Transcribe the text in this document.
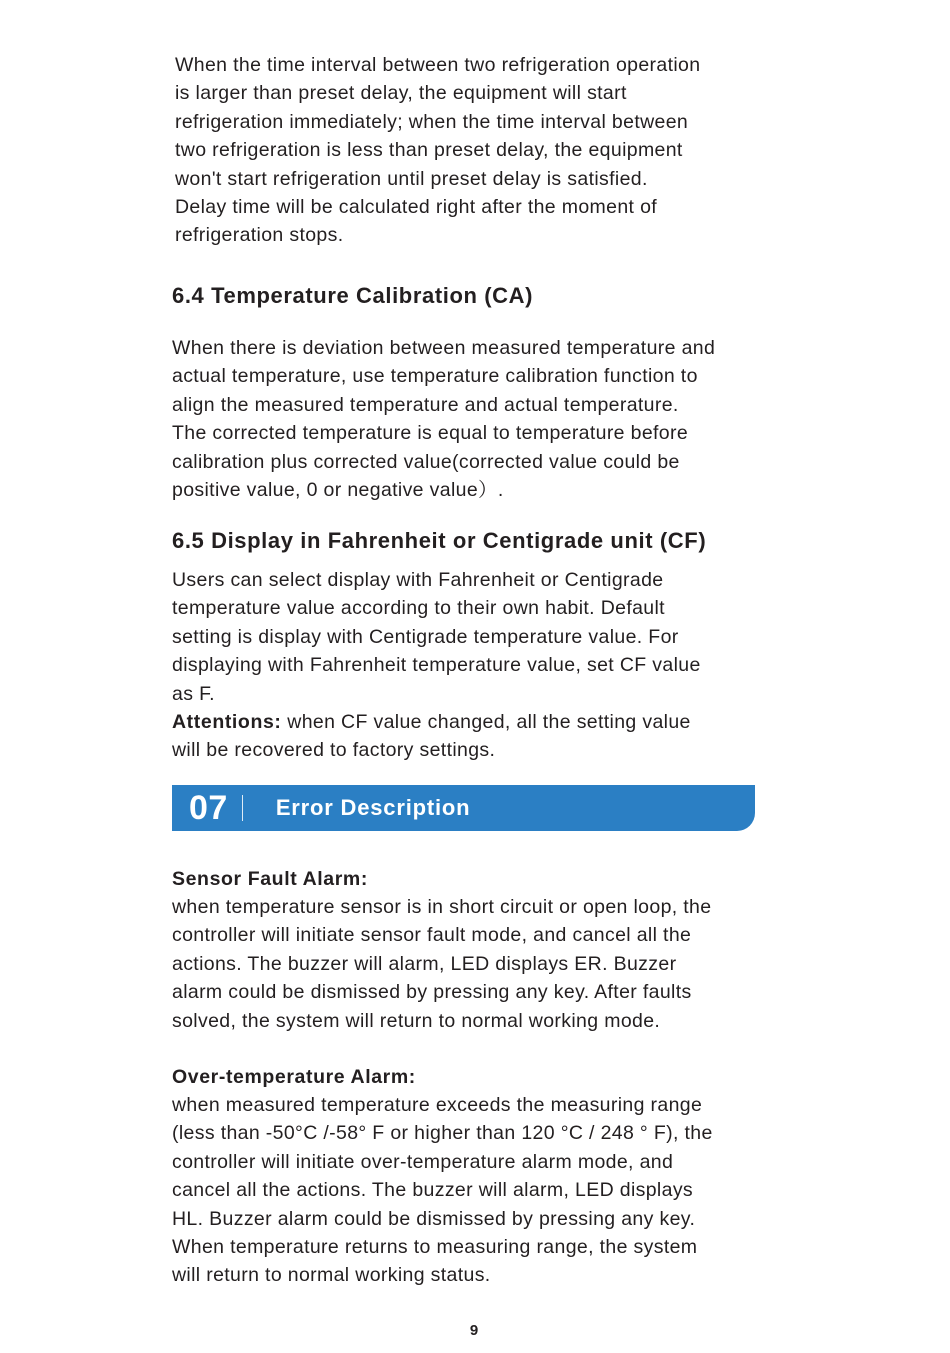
When the time interval between two refrigeration operation
is larger than preset delay, the equipment will start
refrigeration immediately; when the time interval between
two refrigeration is less than preset delay, the equipment
won't start refrigeration until preset delay is satisfied.
Delay time will be calculated right after the moment of
refrigeration stops.

6.4 Temperature Calibration (CA)

When there is deviation between measured temperature and
actual temperature, use temperature calibration function to
align the measured temperature and actual temperature.
The corrected temperature is equal to temperature before
calibration plus corrected value(corrected value could be
positive value, 0 or negative value）.

6.5 Display in Fahrenheit or Centigrade unit (CF)

Users can select display with Fahrenheit or Centigrade
temperature value according to their own habit. Default
setting is display with Centigrade temperature value. For
displaying with Fahrenheit temperature value, set CF value
as F.

Attentions: when CF value changed, all the setting value
will be recovered to factory settings.

07 Error Description

Sensor Fault Alarm:

when temperature sensor is in short circuit or open loop, the
controller will initiate sensor fault mode, and cancel all the
actions. The buzzer will alarm, LED displays ER. Buzzer
alarm could be dismissed by pressing any key. After faults
solved, the system will return to normal working mode.

Over-temperature Alarm:

when measured temperature exceeds the measuring range
(less than -50°C /-58° F or higher than 120 °C / 248 ° F), the
controller will initiate over-temperature alarm mode, and
cancel all the actions. The buzzer will alarm, LED displays
HL. Buzzer alarm could be dismissed by pressing any key.
When temperature returns to measuring range, the system
will return to normal working status.

9
